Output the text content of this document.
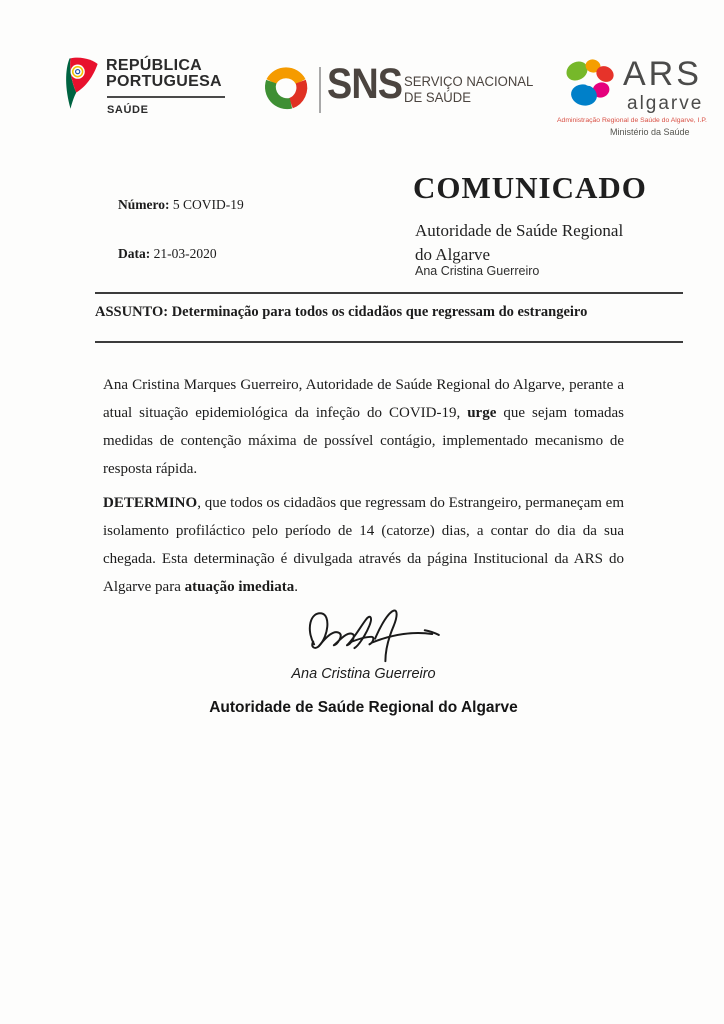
REPÚBLICA
PORTUGUESA
SAÚDE
SNS SERVIÇO NACIONAL
DE SAÚDE
ARS
algarve
Administração Regional de Saúde do Algarve, I.P.
Ministério da Saúde
Número: 5 COVID-19
Data: 21-03-2020
COMUNICADO
Autoridade de Saúde Regional do Algarve
Ana Cristina Guerreiro
ASSUNTO: Determinação para todos os cidadãos que regressam do estrangeiro

Ana Cristina Marques Guerreiro, Autoridade de Saúde Regional do Algarve, perante a atual situação epidemiológica da infeção do COVID-19, urge que sejam tomadas medidas de contenção máxima de possível contágio, implementado mecanismo de resposta rápida.

DETERMINO, que todos os cidadãos que regressam do Estrangeiro, permaneçam em isolamento profiláctico pelo período de 14 (catorze) dias, a contar do dia da sua chegada. Esta determinação é divulgada através da página Institucional da ARS do Algarve para atuação imediata.

Ana Cristina Guerreiro
Autoridade de Saúde Regional do Algarve
